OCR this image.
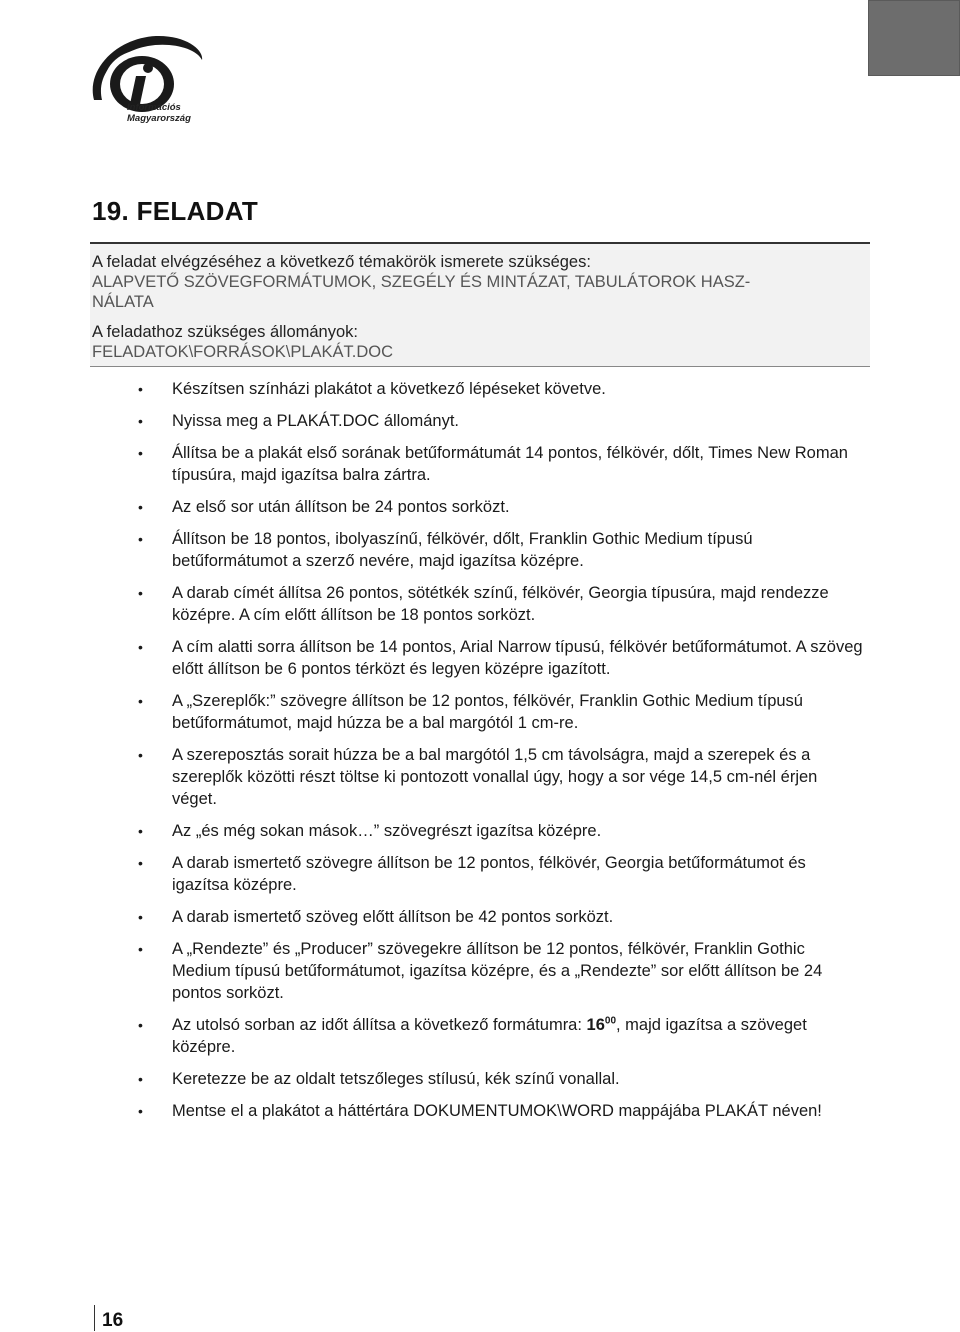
Információs
Magyarország
19. FELADAT

A feladat elvégzéséhez a következő témakörök ismerete szükséges:

ALAPVETŐ SZÖVEGFORMÁTUMOK, SZEGÉLY ÉS MINTÁZAT, TABULÁTOROK HASZ-

NÁLATA

A feladathoz szükséges állományok:

FELADATOK\FORRÁSOK\PLAKÁT.DOC

• Készítsen színházi plakátot a következő lépéseket követve.
• Nyissa meg a PLAKÁT.DOC állományt.
• Állítsa be a plakát első sorának betűformátumát 14 pontos, félkövér, dőlt, Times New Roman típusúra, majd igazítsa balra zártra.
• Az első sor után állítson be 24 pontos sorközt.
• Állítson be 18 pontos, ibolyaszínű, félkövér, dőlt, Franklin Gothic Medium típusú betűformátumot a szerző nevére, majd igazítsa középre.
• A darab címét állítsa 26 pontos, sötétkék színű, félkövér, Georgia típusúra, majd rendezze középre. A cím előtt állítson be 18 pontos sorközt.
• A cím alatti sorra állítson be 14 pontos, Arial Narrow típusú, félkövér betűformátumot. A szöveg előtt állítson be 6 pontos térközt és legyen középre igazított.
• A „Szereplők:” szövegre állítson be 12 pontos, félkövér, Franklin Gothic Medium típusú betűformátumot, majd húzza be a bal margótól 1 cm-re.
• A szereposztás sorait húzza be a bal margótól 1,5 cm távolságra, majd a szerepek és a szereplők közötti részt töltse ki pontozott vonallal úgy, hogy a sor vége 14,5 cm-nél érjen véget.
• Az „és még sokan mások…” szövegrészt igazítsa középre.
• A darab ismertető szövegre állítson be 12 pontos, félkövér, Georgia betűformátumot és igazítsa középre.
• A darab ismertető szöveg előtt állítson be 42 pontos sorközt.
• A „Rendezte” és „Producer” szövegekre állítson be 12 pontos, félkövér, Franklin Gothic Medium típusú betűformátumot, igazítsa középre, és a „Rendezte” sor előtt állítson be 24 pontos sorközt.
• Az utolsó sorban az időt állítsa a következő formátumra: $16^{00}$, majd igazítsa a szöveget középre.
• Keretezze be az oldalt tetszőleges stílusú, kék színű vonallal.
• Mentse el a plakátot a háttértára DOKUMENTUMOK\WORD mappájába PLAKÁT néven!
16
